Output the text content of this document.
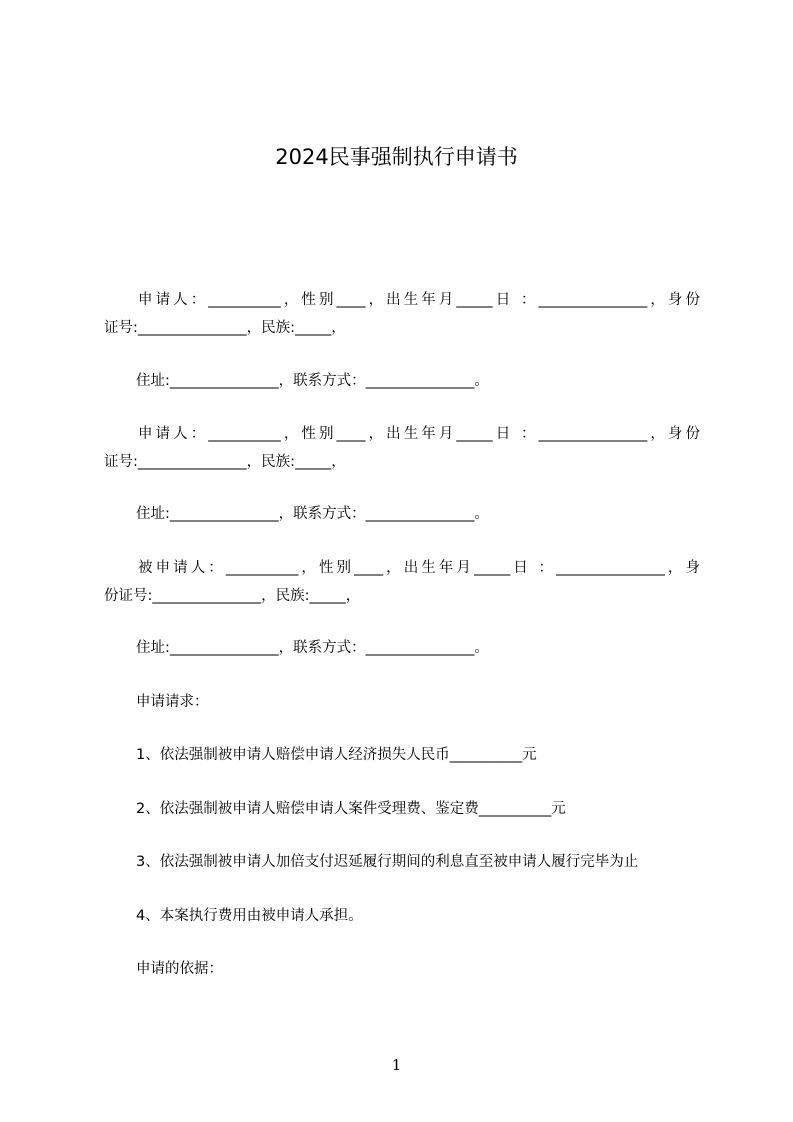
2024民事强制执行申请书
申请人：__________，性别____，出生年月_____日 ：_______________，身份
证号:_______________，民族:_____，
住址:_______________，联系方式：_______________。
申请人：__________，性别____，出生年月_____日 ：_______________，身份
证号:_______________，民族:_____，
住址:_______________，联系方式：_______________。
被申请人：__________，性别____，出生年月_____日 ：_______________，身
份证号:_______________，民族:_____，
住址:_______________，联系方式：_______________。
申请请求：
1、依法强制被申请人赔偿申请人经济损失人民币__________元
2、依法强制被申请人赔偿申请人案件受理费、鉴定费__________元
3、依法强制被申请人加倍支付迟延履行期间的利息直至被申请人履行完毕为止
4、本案执行费用由被申请人承担。
申请的依据：
1
